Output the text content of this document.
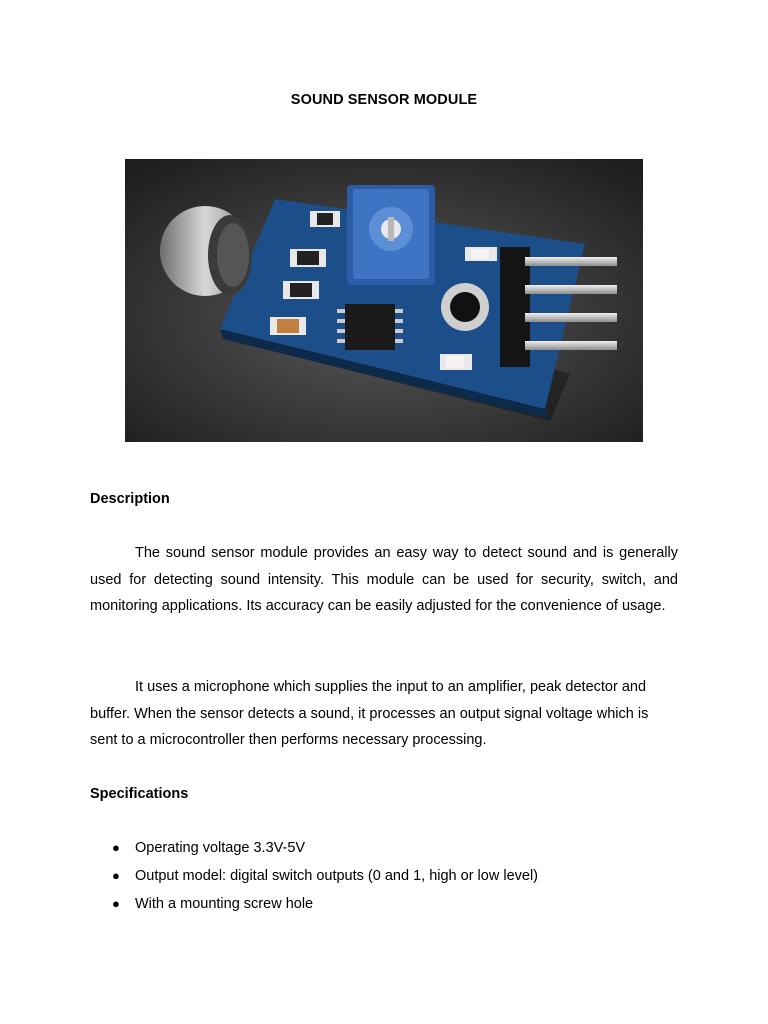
SOUND SENSOR MODULE
Description

The sound sensor module provides an easy way to detect sound and is generally used for detecting sound intensity. This module can be used for security, switch, and monitoring applications. Its accuracy can be easily adjusted for the convenience of usage.

It uses a microphone which supplies the input to an amplifier, peak detector and buffer. When the sensor detects a sound, it processes an output signal voltage which is sent to a microcontroller then performs necessary processing.

Specifications
● Operating voltage 3.3V-5V
● Output model: digital switch outputs (0 and 1, high or low level)
● With a mounting screw hole
